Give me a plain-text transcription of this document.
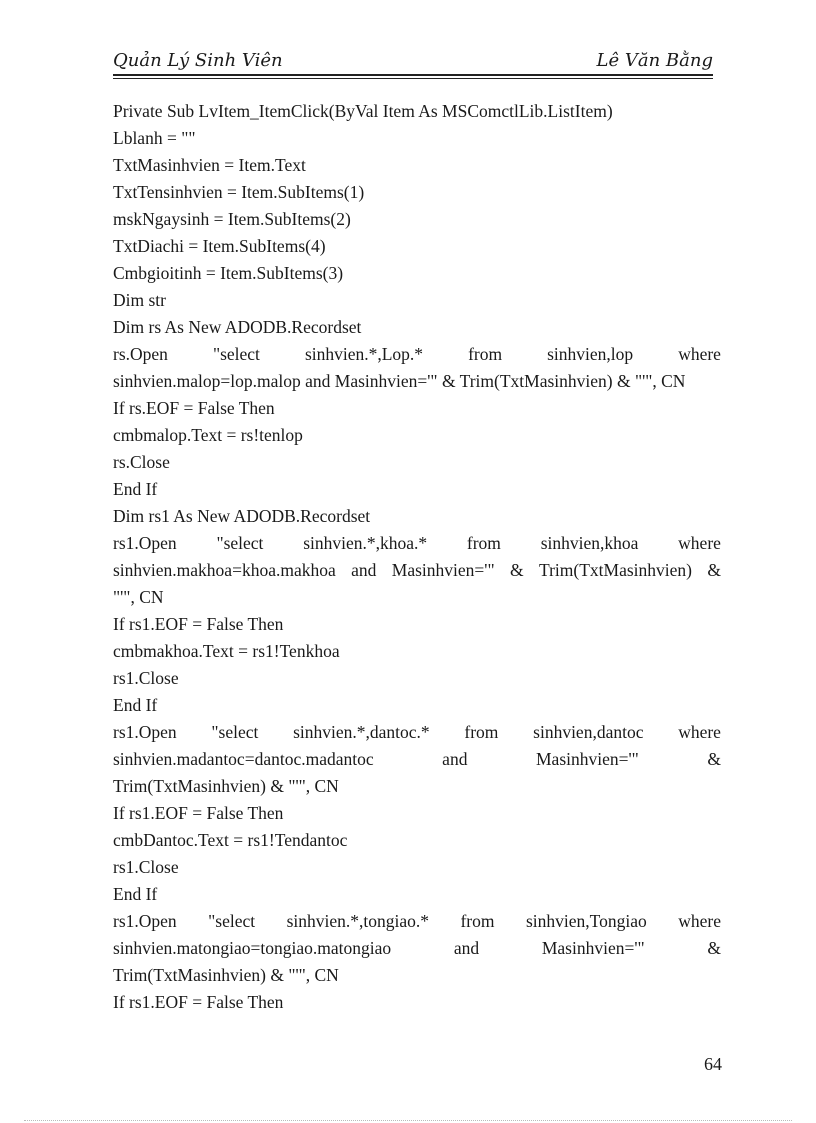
Quản Lý Sinh Viên	Lê Văn Bằng
Private Sub LvItem_ItemClick(ByVal Item As MSComctlLib.ListItem)
Lblanh = ""
TxtMasinhvien = Item.Text
TxtTensinhvien = Item.SubItems(1)
mskNgaysinh = Item.SubItems(2)
TxtDiachi = Item.SubItems(4)
Cmbgioitinh = Item.SubItems(3)
Dim str
Dim rs As New ADODB.Recordset
rs.Open	"select	sinhvien.*,Lop.*	from	sinhvien,lop	where
sinhvien.malop=lop.malop and Masinhvien='" & Trim(TxtMasinhvien) & "'", CN
If rs.EOF = False Then
cmbmalop.Text = rs!tenlop
rs.Close
End If
Dim rs1 As New ADODB.Recordset
rs1.Open "select sinhvien.*,khoa.* from sinhvien,khoa where
sinhvien.makhoa=khoa.makhoa and Masinhvien='" & Trim(TxtMasinhvien) &
"'", CN
If rs1.EOF = False Then
cmbmakhoa.Text = rs1!Tenkhoa
rs1.Close
End If
rs1.Open "select sinhvien.*,dantoc.* from sinhvien,dantoc where
sinhvien.madantoc=dantoc.madantoc	and	Masinhvien='"	&
Trim(TxtMasinhvien) & "'", CN
If rs1.EOF = False Then
cmbDantoc.Text = rs1!Tendantoc
rs1.Close
End If
rs1.Open "select sinhvien.*,tongiao.* from sinhvien,Tongiao where
sinhvien.matongiao=tongiao.matongiao	and	Masinhvien='"	&
Trim(TxtMasinhvien) & "'", CN
If rs1.EOF = False Then
64
